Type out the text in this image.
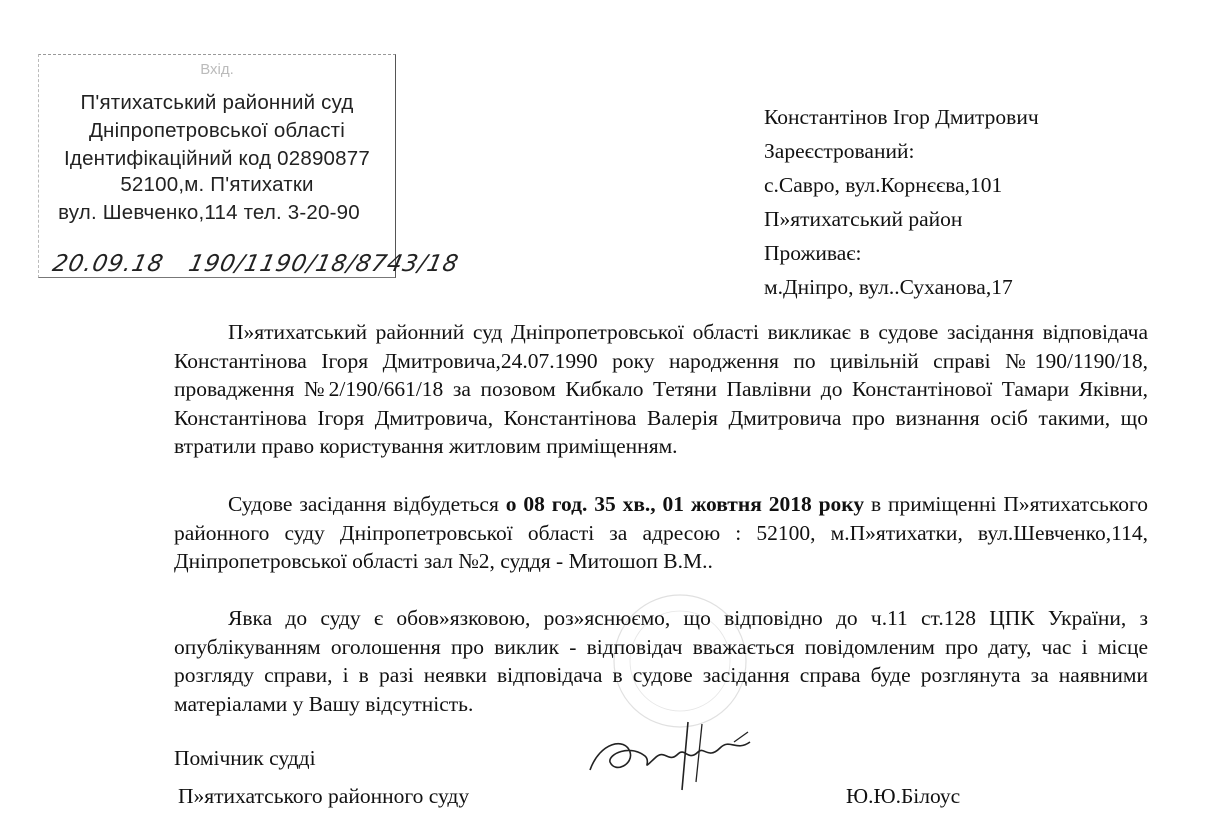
Вхід.
П'ятихатський районний суд
Дніпропетровської області
Ідентифікаційний код 02890877
52100,м. П'ятихатки
вул. Шевченко,114 тел. 3-20-90
20.09.18 190/1190/18/8743/18
Константінов Ігор Дмитрович
Зареєстрований:
с.Савро, вул.Корнєєва,101
П»ятихатський район
Проживає:
м.Дніпро, вул..Суханова,17
П»ятихатський районний суд Дніпропетровської області викликає в судове засідання відповідача Константінова Ігоря Дмитровича,24.07.1990 року народження по цивільній справі №190/1190/18, провадження №2/190/661/18 за позовом Кибкало Тетяни Павлівни до Константінової Тамари Яківни, Константінова Ігоря Дмитровича, Константінова Валерія Дмитровича про визнання осіб такими, що втратили право користування житловим приміщенням.
Судове засідання відбудеться о 08 год. 35 хв., 01 жовтня 2018 року в приміщенні П»ятихатського районного суду Дніпропетровської області за адресою : 52100, м.П»ятихатки, вул.Шевченко,114, Дніпропетровської області зал №2, суддя - Митошоп В.М..
Явка до суду є обов»язковою, роз»яснюємо, що відповідно до ч.11 ст.128 ЦПК України, з опублікуванням оголошення про виклик - відповідач вважається повідомленим про дату, час і місце розгляду справи, і в разі неявки відповідача в судове засідання справа буде розглянута за наявними матеріалами у Вашу відсутність.
Помічник судді
П»ятихатського районного суду	Ю.Ю.Білоус
